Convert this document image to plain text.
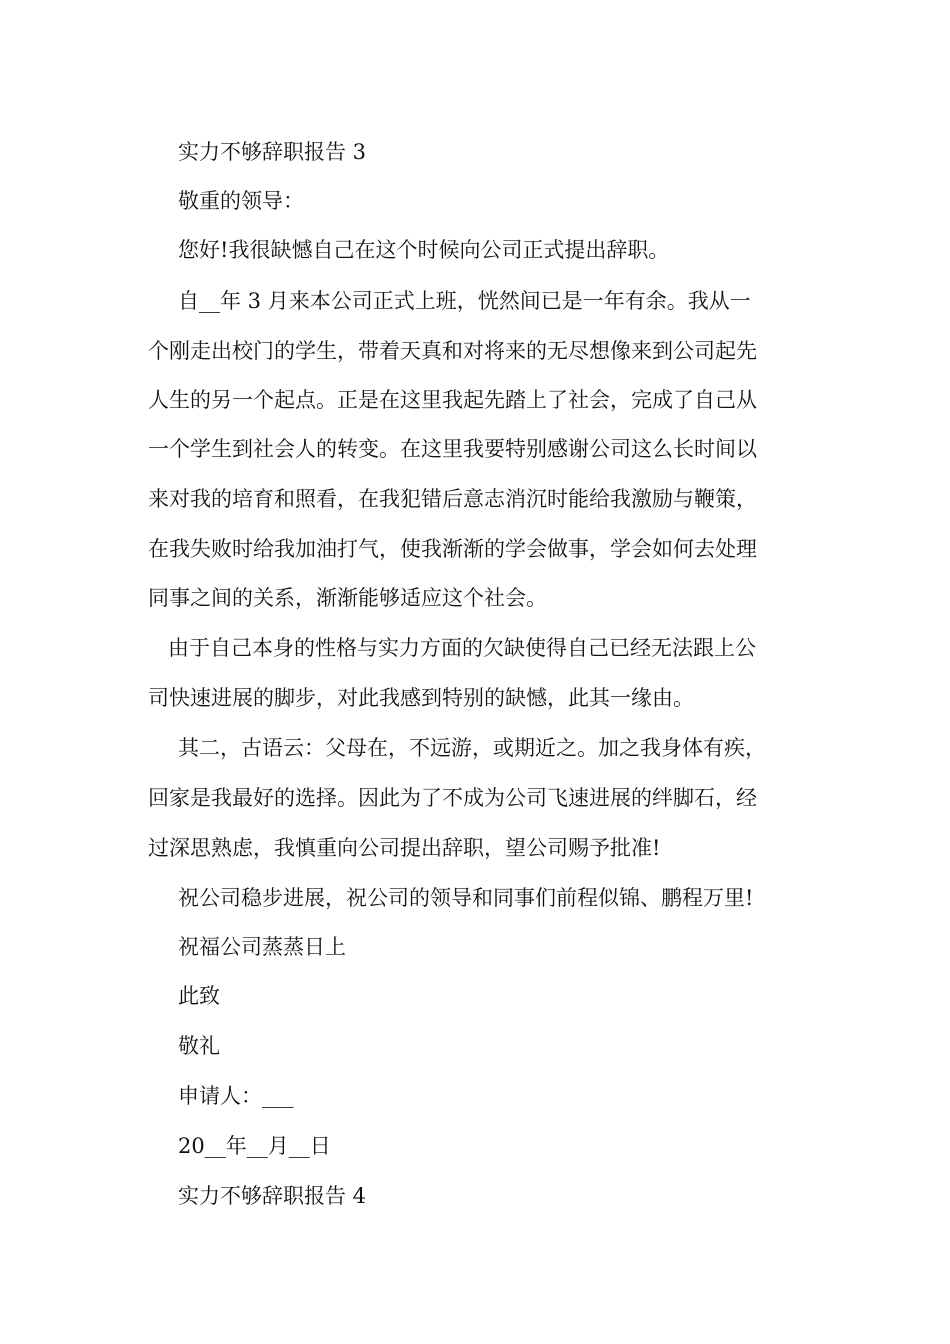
实力不够辞职报告 3

敬重的领导：

您好!我很缺憾自己在这个时候向公司正式提出辞职。

自__年 3 月来本公司正式上班，恍然间已是一年有余。我从一

个刚走出校门的学生，带着天真和对将来的无尽想像来到公司起先

人生的另一个起点。正是在这里我起先踏上了社会，完成了自己从

一个学生到社会人的转变。在这里我要特别感谢公司这么长时间以

来对我的培育和照看，在我犯错后意志消沉时能给我激励与鞭策，

在我失败时给我加油打气，使我渐渐的学会做事，学会如何去处理

同事之间的关系，渐渐能够适应这个社会。

由于自己本身的性格与实力方面的欠缺使得自己已经无法跟上公

司快速进展的脚步，对此我感到特别的缺憾，此其一缘由。

其二，古语云：父母在，不远游，或期近之。加之我身体有疾，

回家是我最好的选择。因此为了不成为公司飞速进展的绊脚石，经

过深思熟虑，我慎重向公司提出辞职，望公司赐予批准!

祝公司稳步进展，祝公司的领导和同事们前程似锦、鹏程万里!

祝福公司蒸蒸日上

此致

敬礼

申请人：___

20__年__月__日

实力不够辞职报告 4
